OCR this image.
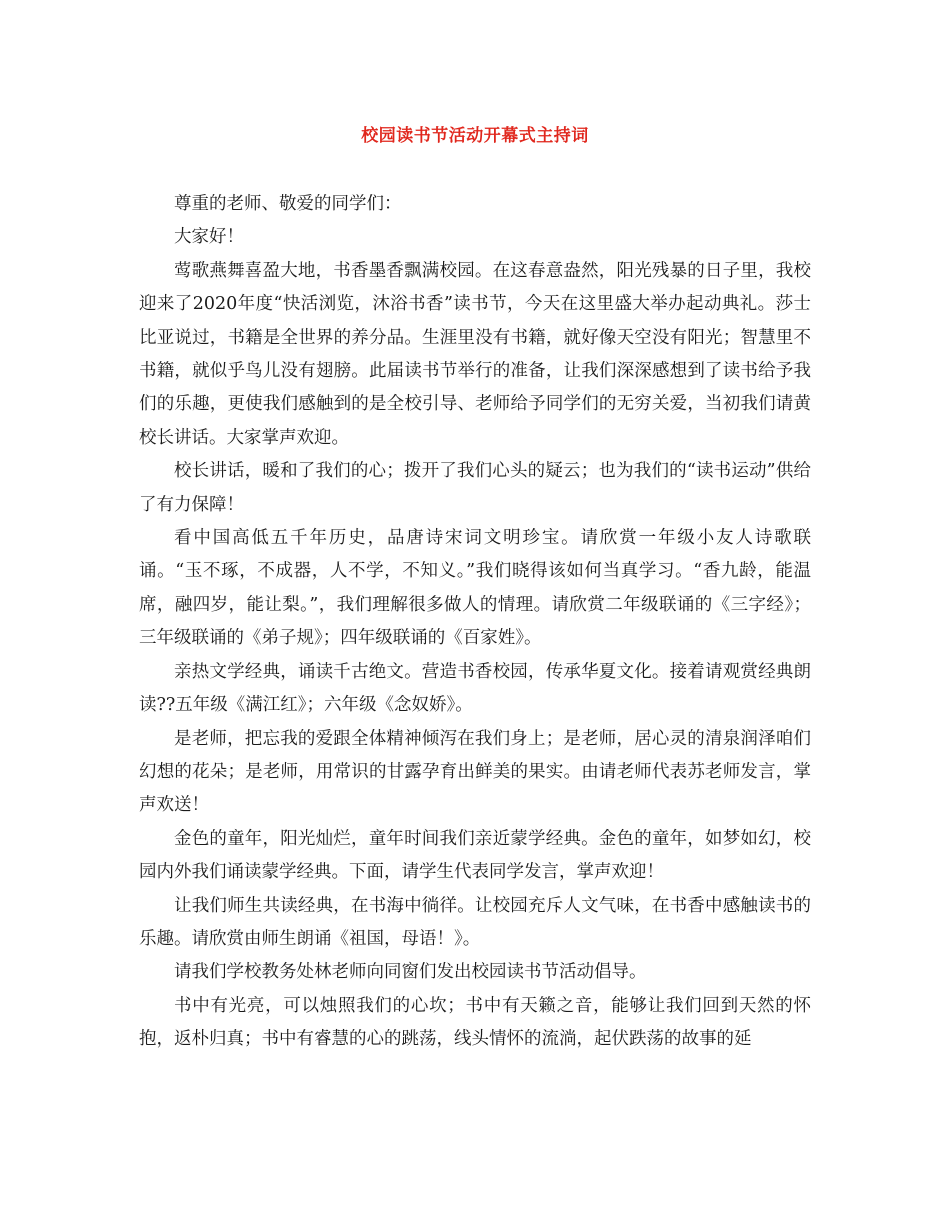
校园读书节活动开幕式主持词

尊重的老师、敬爱的同学们：

大家好！

莺歌燕舞喜盈大地，书香墨香飘满校园。在这春意盎然，阳光残暴的日子里，我校迎来了2020年度“快活浏览，沐浴书香”读书节，今天在这里盛大举办起动典礼。莎士比亚说过，书籍是全世界的养分品。生涯里没有书籍，就好像天空没有阳光；智慧里不书籍，就似乎鸟儿没有翅膀。此届读书节举行的准备，让我们深深感想到了读书给予我们的乐趣，更使我们感触到的是全校引导、老师给予同学们的无穷关爱，当初我们请黄校长讲话。大家掌声欢迎。

校长讲话，暖和了我们的心；拨开了我们心头的疑云；也为我们的“读书运动”供给了有力保障！

看中国高低五千年历史，品唐诗宋词文明珍宝。请欣赏一年级小友人诗歌联诵。“玉不琢，不成器，人不学，不知义。”我们晓得该如何当真学习。“香九龄，能温席，融四岁，能让梨。”，我们理解很多做人的情理。请欣赏二年级联诵的《三字经》；三年级联诵的《弟子规》；四年级联诵的《百家姓》。

亲热文学经典，诵读千古绝文。营造书香校园，传承华夏文化。接着请观赏经典朗读??五年级《满江红》；六年级《念奴娇》。

是老师，把忘我的爱跟全体精神倾泻在我们身上；是老师，居心灵的清泉润泽咱们幻想的花朵；是老师，用常识的甘露孕育出鲜美的果实。由请老师代表苏老师发言，掌声欢送！

金色的童年，阳光灿烂，童年时间我们亲近蒙学经典。金色的童年，如梦如幻，校园内外我们诵读蒙学经典。下面，请学生代表同学发言，掌声欢迎！

让我们师生共读经典，在书海中徜徉。让校园充斥人文气味，在书香中感触读书的乐趣。请欣赏由师生朗诵《祖国，母语！》。

请我们学校教务处林老师向同窗们发出校园读书节活动倡导。

书中有光亮，可以烛照我们的心坎；书中有天籁之音，能够让我们回到天然的怀抱，返朴归真；书中有睿慧的心的跳荡，线头情怀的流淌，起伏跌荡的故事的延
